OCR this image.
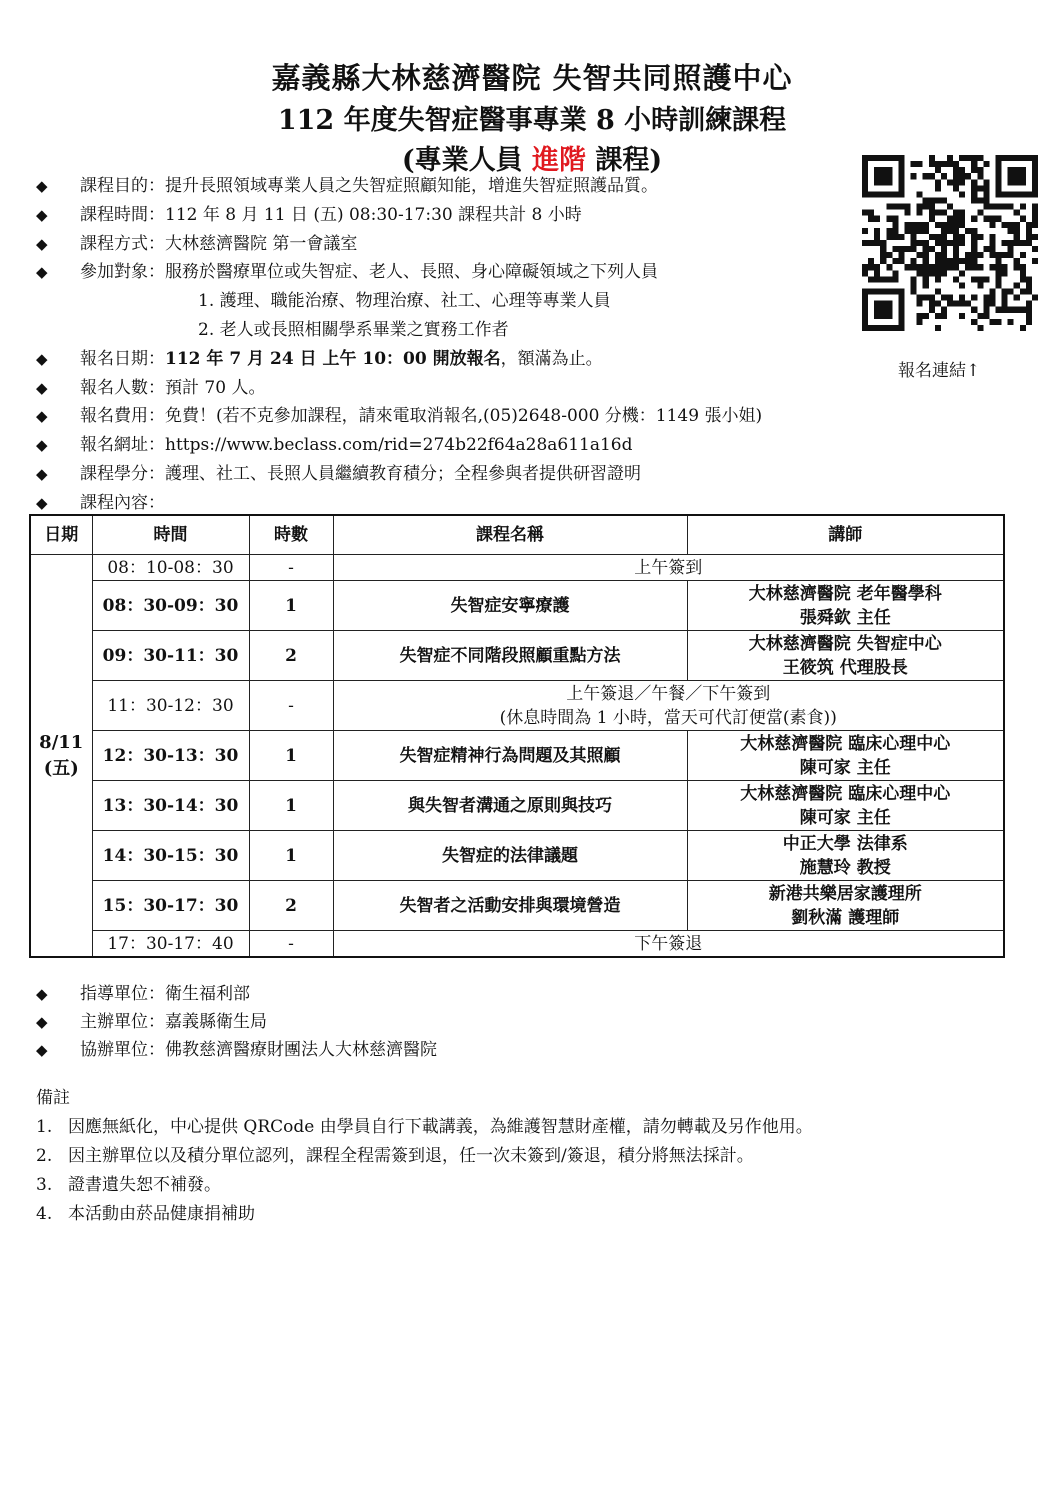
嘉義縣大林慈濟醫院 失智共同照護中心
112 年度失智症醫事專業 8 小時訓練課程
(專業人員 進階 課程)
報名連結↑
◆ 課程目的：提升長照領域專業人員之失智症照顧知能，增進失智症照護品質。
◆ 課程時間：112 年 8 月 11 日 (五) 08:30-17:30 課程共計 8 小時
◆ 課程方式：大林慈濟醫院 第一會議室
◆ 參加對象：服務於醫療單位或失智症、老人、長照、身心障礙領域之下列人員
1. 護理、職能治療、物理治療、社工、心理等專業人員
2. 老人或長照相關學系畢業之實務工作者
◆ 報名日期：112 年 7 月 24 日 上午 10：00 開放報名，額滿為止。
◆ 報名人數：預計 70 人。
◆ 報名費用：免費！(若不克參加課程，請來電取消報名,(05)2648-000 分機：1149 張小姐)
◆ 報名網址：https://www.beclass.com/rid=274b22f64a28a611a16d
◆ 課程學分：護理、社工、長照人員繼續教育積分；全程參與者提供研習證明
◆ 課程內容：
日期	時間	時數	課程名稱	講師
8/11
(五)	08：10-08：30	-	上午簽到	
	08：30-09：30	1	失智症安寧療護	大林慈濟醫院 老年醫學科
張舜欽 主任
	09：30-11：30	2	失智症不同階段照顧重點方法	大林慈濟醫院 失智症中心
王筱筑 代理股長
	11：30-12：30	-	上午簽退／午餐／下午簽到
(休息時間為 1 小時，當天可代訂便當(素食))	
	12：30-13：30	1	失智症精神行為問題及其照顧	大林慈濟醫院 臨床心理中心
陳可家 主任
	13：30-14：30	1	與失智者溝通之原則與技巧	大林慈濟醫院 臨床心理中心
陳可家 主任
	14：30-15：30	1	失智症的法律議題	中正大學 法律系
施慧玲 教授
	15：30-17：30	2	失智者之活動安排與環境營造	新港共樂居家護理所
劉秋滿 護理師
	17：30-17：40	-	下午簽退	
◆ 指導單位：衛生福利部
◆ 主辦單位：嘉義縣衛生局
◆ 協辦單位：佛教慈濟醫療財團法人大林慈濟醫院
備註
1. 因應無紙化，中心提供 QRCode 由學員自行下載講義，為維護智慧財產權，請勿轉載及另作他用。
2. 因主辦單位以及積分單位認列，課程全程需簽到退，任一次未簽到/簽退，積分將無法採計。
3. 證書遺失恕不補發。
4. 本活動由菸品健康捐補助
